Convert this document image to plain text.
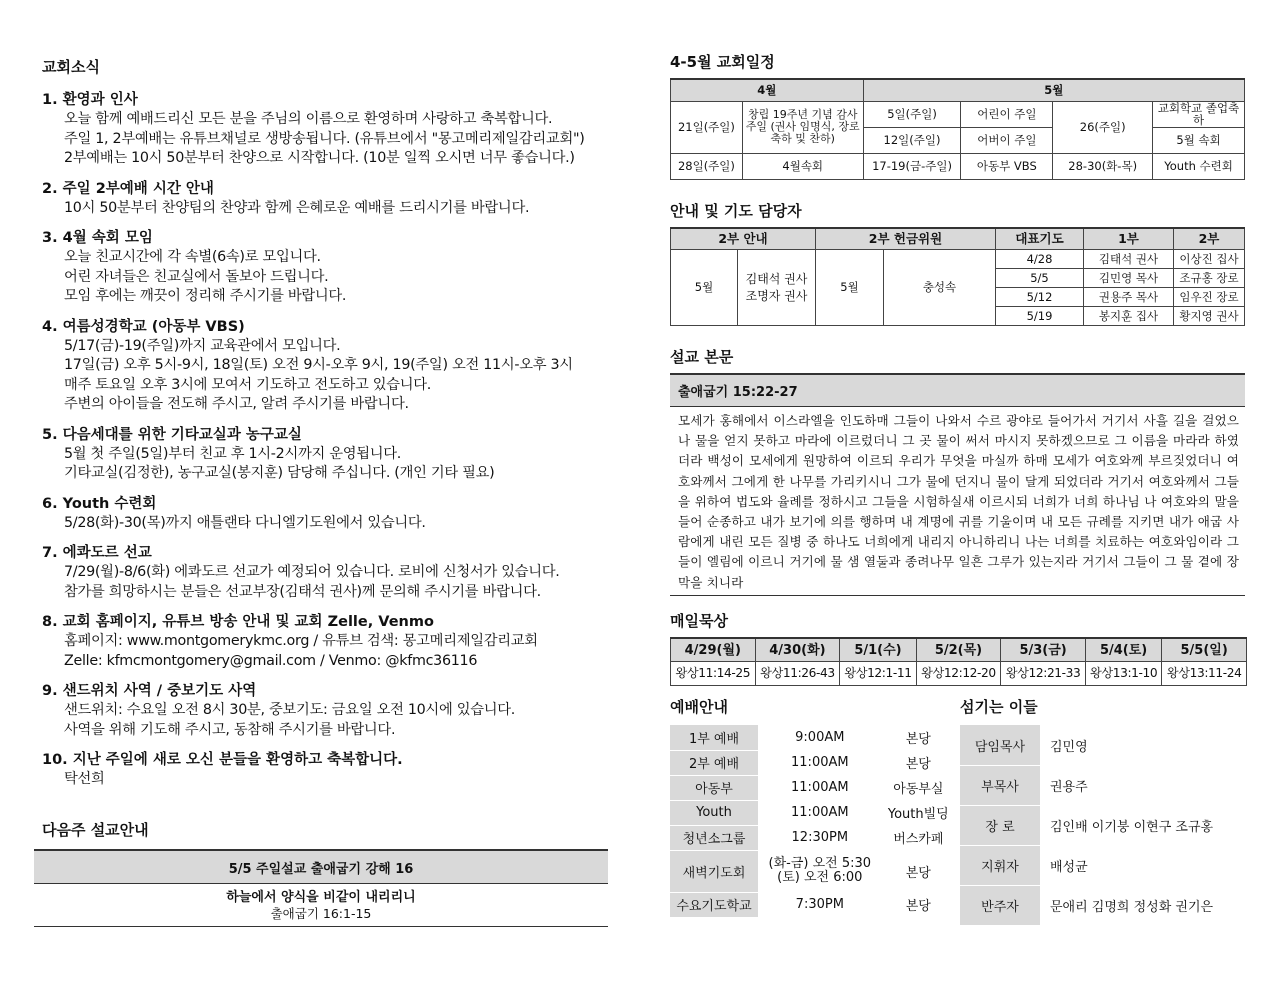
교회소식
1. 환영과 인사
오늘 함께 예배드리신 모든 분을 주님의 이름으로 환영하며 사랑하고 축복합니다.
주일 1, 2부예배는 유튜브채널로 생방송됩니다. (유튜브에서 "몽고메리제일감리교회")
2부예배는 10시 50분부터 찬양으로 시작합니다. (10분 일찍 오시면 너무 좋습니다.)
2. 주일 2부예배 시간 안내
10시 50분부터 찬양팀의 찬양과 함께 은혜로운 예배를 드리시기를 바랍니다.
3. 4월 속회 모임
오늘 친교시간에 각 속별(6속)로 모입니다.
어린 자녀들은 친교실에서 돌보아 드립니다.
모임 후에는 깨끗이 정리해 주시기를 바랍니다.
4. 여름성경학교 (아동부 VBS)
5/17(금)-19(주일)까지 교육관에서 모입니다.
17일(금) 오후 5시-9시, 18일(토) 오전 9시-오후 9시, 19(주일) 오전 11시-오후 3시
매주 토요일 오후 3시에 모여서 기도하고 전도하고 있습니다.
주변의 아이들을 전도해 주시고, 알려 주시기를 바랍니다.
5. 다음세대를 위한 기타교실과 농구교실
5월 첫 주일(5일)부터 친교 후 1시-2시까지 운영됩니다.
기타교실(김정한), 농구교실(봉지훈) 담당해 주십니다. (개인 기타 필요)
6. Youth 수련회
5/28(화)-30(목)까지 애틀랜타 다니엘기도원에서 있습니다.
7. 에콰도르 선교
7/29(월)-8/6(화) 에콰도르 선교가 예정되어 있습니다. 로비에 신청서가 있습니다.
참가를 희망하시는 분들은 선교부장(김태석 권사)께 문의해 주시기를 바랍니다.
8. 교회 홈페이지, 유튜브 방송 안내 및 교회 Zelle, Venmo
홈페이지: www.montgomerykmc.org / 유튜브 검색: 몽고메리제일감리교회
Zelle: kfmcmontgomery@gmail.com / Venmo: @kfmc36116
9. 샌드위치 사역 / 중보기도 사역
샌드위치: 수요일 오전 8시 30분, 중보기도: 금요일 오전 10시에 있습니다.
사역을 위해 기도해 주시고, 동참해 주시기를 바랍니다.
10. 지난 주일에 새로 오신 분들을 환영하고 축복합니다.
탁선희
다음주 설교안내
5/5 주일설교 출애굽기 강해 16
하늘에서 양식을 비같이 내리리니
출애굽기 16:1-15
4-5월 교회일정
4월		5월			
21일(주일)	창립 19주년 기념 감사 주일 (권사 임명식, 장로 축하 및 찬하)	5일(주일)	어린이 주일	26(주일)	교회학교 졸업축하
		12일(주일)	어버이 주일		5월 속회
28일(주일)	4월속회	17-19(금-주일)	아동부 VBS	28-30(화-목)	Youth 수련회
안내 및 기도 담당자
2부 안내		2부 헌금위원		대표기도	1부	2부
5월	김태석 권사 조명자 권사	5월	충성속	4/28	김태석 권사	이상진 집사
				5/5	김민영 목사	조규홍 장로
				5/12	권용주 목사	임우진 장로
				5/19	봉지훈 집사	황지영 권사
설교 본문
출애굽기 15:22-27
모세가 홍해에서 이스라엘을 인도하매 그들이 나와서 수르 광야로 들어가서 거기서 사흘 길을 걸었으나 물을 얻지 못하고 마라에 이르렀더니 그 곳 물이 써서 마시지 못하겠으므로 그 이름을 마라라 하였더라 백성이 모세에게 원망하여 이르되 우리가 무엇을 마실까 하매 모세가 여호와께 부르짖었더니 여호와께서 그에게 한 나무를 가리키시니 그가 물에 던지니 물이 달게 되었더라 거기서 여호와께서 그들을 위하여 법도와 율례를 정하시고 그들을 시험하실새 이르시되 너희가 너희 하나님 나 여호와의 말을 들어 순종하고 내가 보기에 의를 행하며 내 계명에 귀를 기울이며 내 모든 규례를 지키면 내가 애굽 사람에게 내린 모든 질병 중 하나도 너희에게 내리지 아니하리니 나는 너희를 치료하는 여호와임이라 그들이 엘림에 이르니 거기에 물 샘 열둘과 종려나무 일흔 그루가 있는지라 거기서 그들이 그 물 곁에 장막을 치니라
매일묵상
4/29(월)	4/30(화)	5/1(수)	5/2(목)	5/3(금)	5/4(토)	5/5(일)
왕상11:14-25	왕상11:26-43	왕상12:1-11	왕상12:12-20	왕상12:21-33	왕상13:1-10	왕상13:11-24
예배안내
1부 예배	9:00AM	본당
2부 예배	11:00AM	본당
아동부	11:00AM	아동부실
Youth	11:00AM	Youth빌딩
청년소그룹	12:30PM	버스카페
새벽기도회	(화-금) 오전 5:30
(토) 오전 6:00	본당
수요기도학교	7:30PM	본당
섬기는 이들
담임목사	김민영
부목사	권용주
장 로	김인배 이기붕 이현구 조규홍
지휘자	배성균
반주자	문애리 김명희 정성화 권기은
